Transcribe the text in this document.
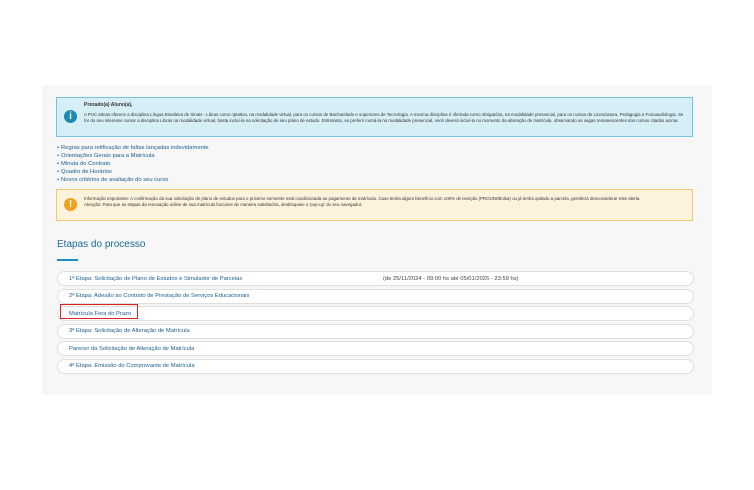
i
Prezado(a) Aluno(a),
A PUC Minas oferece a disciplina Língua Brasileira de Sinais - Libras como optativa, na modalidade virtual, para os cursos de Bacharelado e superiores de Tecnologia. A mesma disciplina é ofertada como obrigatória, na modalidade presencial, para os cursos de Licenciatura, Pedagogia e Fonoaudiologia. Se for do seu interesse cursar a disciplina Libras na modalidade virtual, basta incluí-la na solicitação de seu plano de estudo. Entretanto, se preferir cursá-la na modalidade presencial, você deverá incluí-la no momento da alteração de matrícula, observando as vagas remanescentes dos cursos citados acima.
• Regras para retificação de faltas lançadas indevidamente
• Orientações Gerais para a Matrícula
• Minuta do Contrato
• Quadro de Horários
• Novos critérios de avaliação do seu curso
!
Informação importante: A confirmação da sua solicitação de plano de estudos para o próximo semestre está condicionada ao pagamento da matrícula. Caso tenha algum benefício com 100% de isenção (PROUNI/Bolsa) ou já tenha quitado a parcela, gentileza desconsiderar este alerta.
Atenção: Para que as etapas da renovação online de sua matrícula funcione de maneira satisfatória, desbloqueie o 'pop-up' do seu navegador.
Etapas do processo
1ª Etapa: Solicitação de Plano de Estudos e Simulador de Parcelas	(de 25/11/2024 - 09:00 hs até 05/01/2025 - 23:59 hs)
2ª Etapa: Adesão ao Contrato de Prestação de Serviços Educacionais
Matrícula Fora do Prazo
3ª Etapa: Solicitação de Alteração de Matrícula
Parecer da Solicitação de Alteração de Matrícula
4ª Etapa: Emissão do Comprovante de Matrícula
